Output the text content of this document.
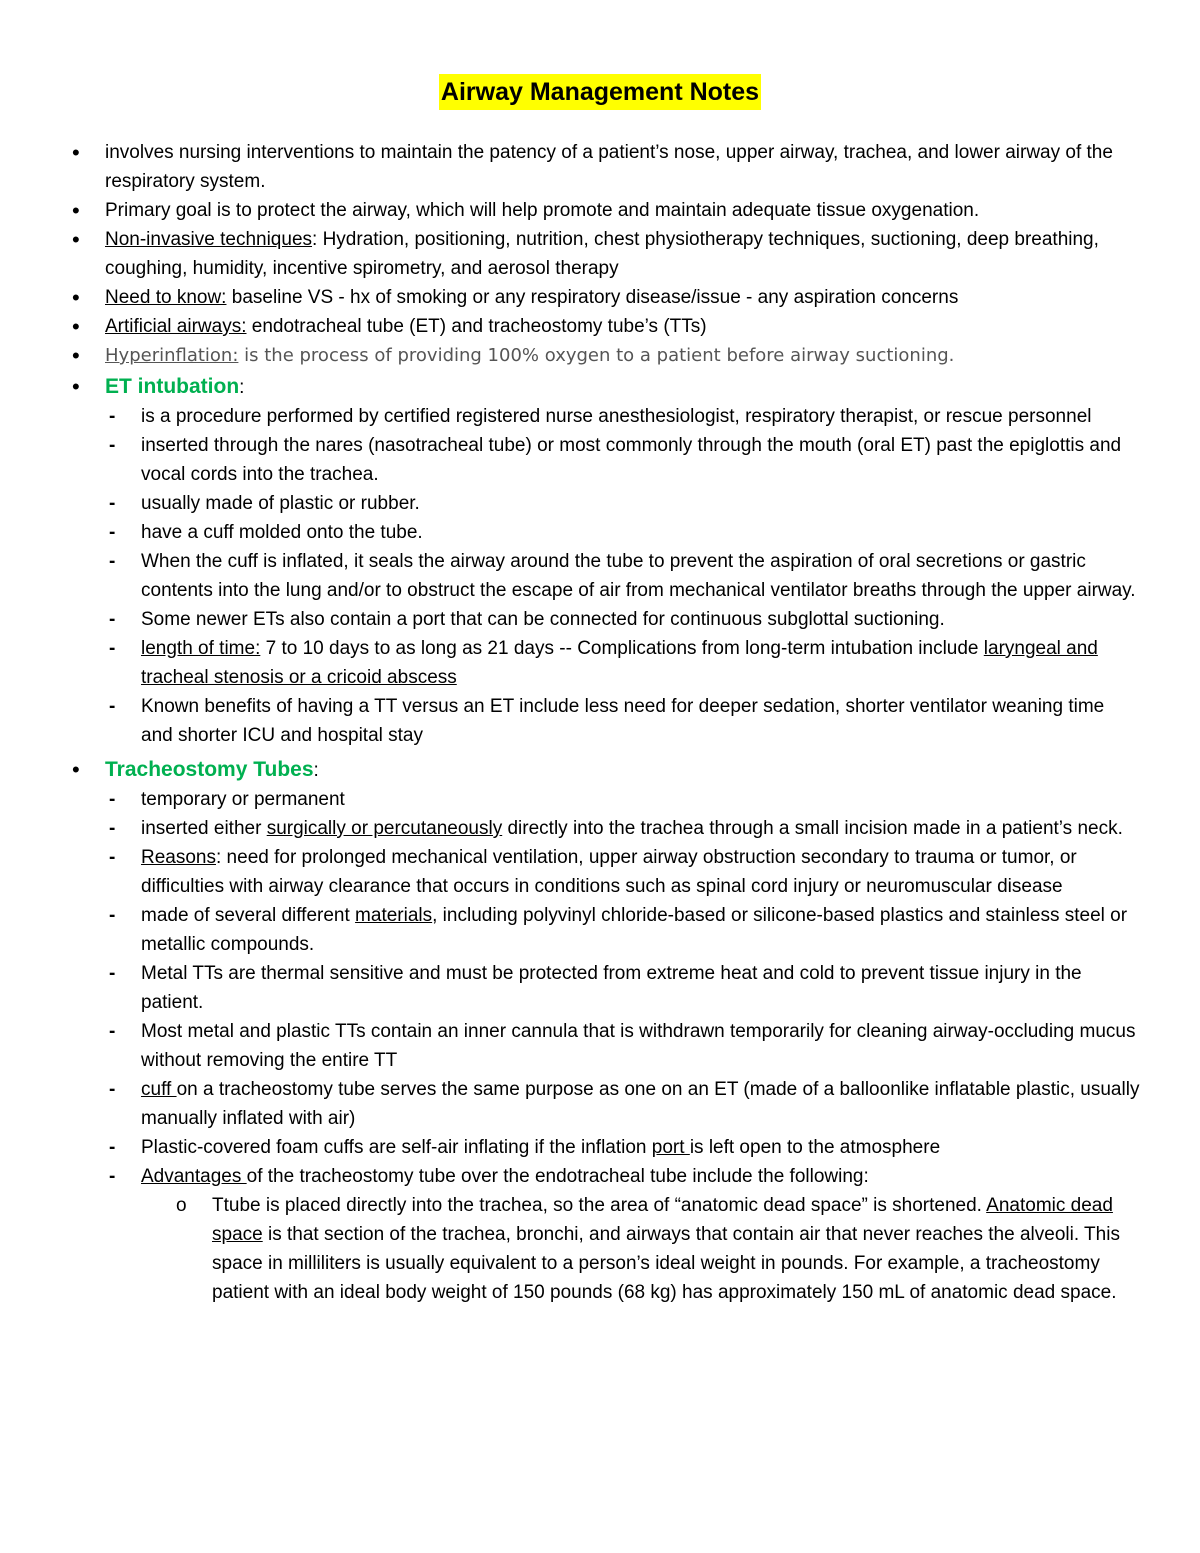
Airway Management Notes
• involves nursing interventions to maintain the patency of a patient’s nose, upper airway, trachea, and lower airway of the respiratory system.
• Primary goal is to protect the airway, which will help promote and maintain adequate tissue oxygenation.
• Non-invasive techniques: Hydration, positioning, nutrition, chest physiotherapy techniques, suctioning, deep breathing, coughing, humidity, incentive spirometry, and aerosol therapy
• Need to know: baseline VS - hx of smoking or any respiratory disease/issue - any aspiration concerns
• Artificial airways: endotracheal tube (ET) and tracheostomy tube’s (TTs)
• Hyperinflation: is the process of providing 100% oxygen to a patient before airway suctioning.
• ET intubation:
- is a procedure performed by certified registered nurse anesthesiologist, respiratory therapist, or rescue personnel
- inserted through the nares (nasotracheal tube) or most commonly through the mouth (oral ET) past the epiglottis and vocal cords into the trachea.
- usually made of plastic or rubber.
- have a cuff molded onto the tube.
- When the cuff is inflated, it seals the airway around the tube to prevent the aspiration of oral secretions or gastric contents into the lung and/or to obstruct the escape of air from mechanical ventilator breaths through the upper airway.
- Some newer ETs also contain a port that can be connected for continuous subglottal suctioning.
- length of time: 7 to 10 days to as long as 21 days -- Complications from long-term intubation include laryngeal and tracheal stenosis or a cricoid abscess
- Known benefits of having a TT versus an ET include less need for deeper sedation, shorter ventilator weaning time and shorter ICU and hospital stay
• Tracheostomy Tubes:
- temporary or permanent
- inserted either surgically or percutaneously directly into the trachea through a small incision made in a patient’s neck.
- Reasons: need for prolonged mechanical ventilation, upper airway obstruction secondary to trauma or tumor, or difficulties with airway clearance that occurs in conditions such as spinal cord injury or neuromuscular disease
- made of several different materials, including polyvinyl chloride-based or silicone-based plastics and stainless steel or metallic compounds.
- Metal TTs are thermal sensitive and must be protected from extreme heat and cold to prevent tissue injury in the patient.
- Most metal and plastic TTs contain an inner cannula that is withdrawn temporarily for cleaning airway-occluding mucus without removing the entire TT
- cuff on a tracheostomy tube serves the same purpose as one on an ET (made of a balloonlike inflatable plastic, usually manually inflated with air)
- Plastic-covered foam cuffs are self-air inflating if the inflation port is left open to the atmosphere
- Advantages of the tracheostomy tube over the endotracheal tube include the following:
o Ttube is placed directly into the trachea, so the area of “anatomic dead space” is shortened. Anatomic dead space is that section of the trachea, bronchi, and airways that contain air that never reaches the alveoli. This space in milliliters is usually equivalent to a person’s ideal weight in pounds. For example, a tracheostomy patient with an ideal body weight of 150 pounds (68 kg) has approximately 150 mL of anatomic dead space.
